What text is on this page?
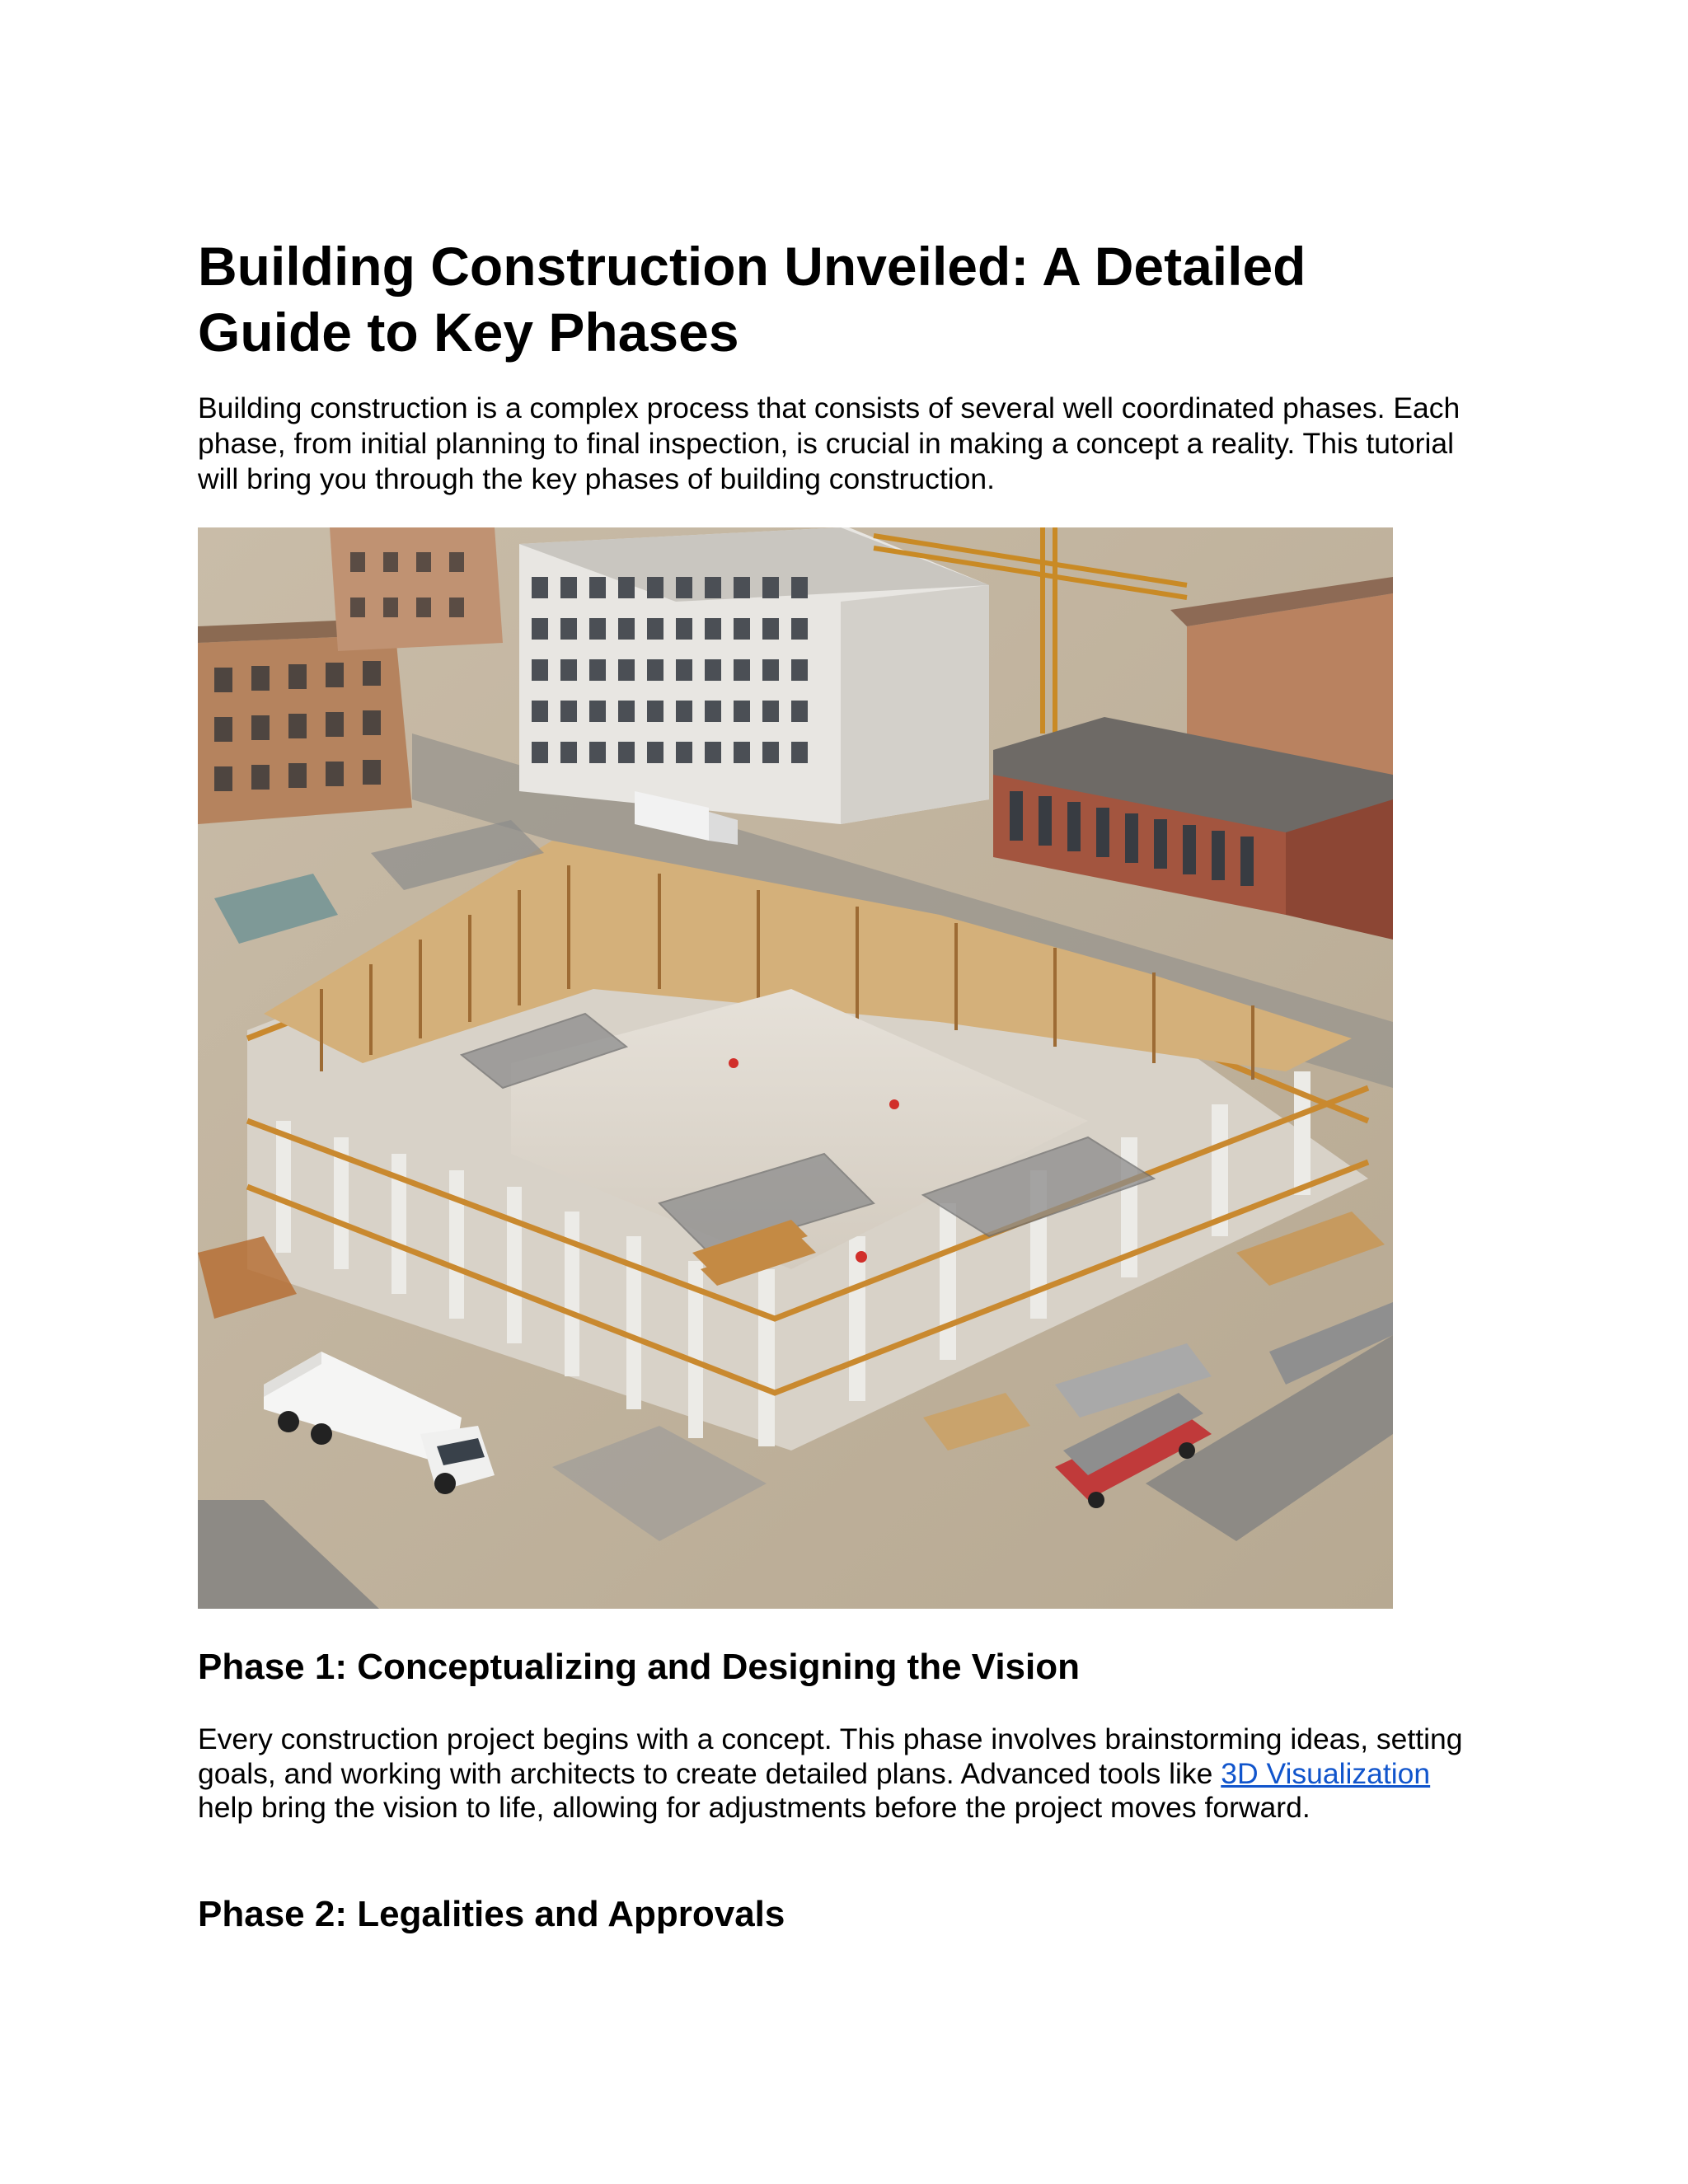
Building Construction Unveiled: A Detailed Guide to Key Phases

Building construction is a complex process that consists of several well coordinated phases. Each phase, from initial planning to final inspection, is crucial in making a concept a reality. This tutorial will bring you through the key phases of building construction.

Phase 1: Conceptualizing and Designing the Vision

Every construction project begins with a concept. This phase involves brainstorming ideas, setting goals, and working with architects to create detailed plans. Advanced tools like 3D Visualization help bring the vision to life, allowing for adjustments before the project moves forward.

Phase 2: Legalities and Approvals
